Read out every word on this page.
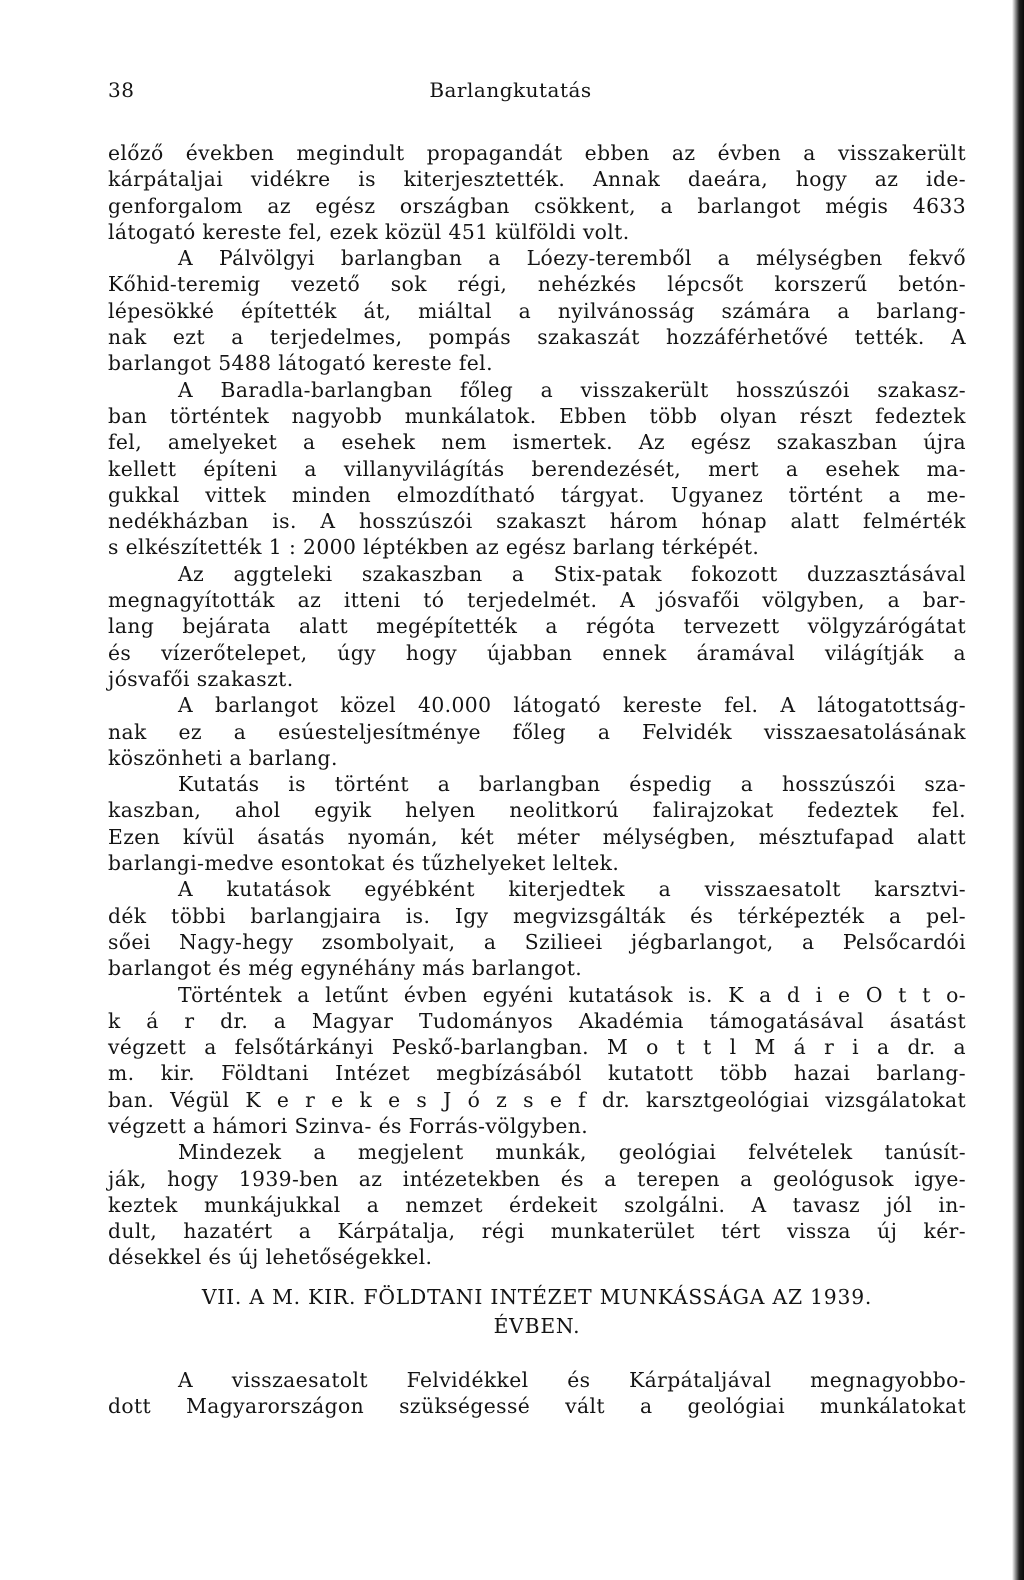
38	Barlangkutatás
előző években megindult propagandát ebben az évben a visszakerült
kárpátaljai vidékre is kiterjesztették. Annak daeára, hogy az ide-
genforgalom az egész országban csökkent, a barlangot mégis 4633
látogató kereste fel, ezek közül 451 külföldi volt.
A Pálvölgyi barlangban a Lóezy-teremből a mélységben fekvő
Kőhid-teremig vezető sok régi, nehézkés lépcsőt korszerű betón-
lépesökké építették át, miáltal a nyilvánosság számára a barlang-
nak ezt a terjedelmes, pompás szakaszát hozzáférhetővé tették. A
barlangot 5488 látogató kereste fel.
A Baradla-barlangban főleg a visszakerült hosszúszói szakasz-
ban történtek nagyobb munkálatok. Ebben több olyan részt fedeztek
fel, amelyeket a esehek nem ismertek. Az egész szakaszban újra
kellett építeni a villanyvilágítás berendezését, mert a esehek ma-
gukkal vittek minden elmozdítható tárgyat. Ugyanez történt a me-
nedékházban is. A hosszúszói szakaszt három hónap alatt felmérték
s elkészítették 1 : 2000 léptékben az egész barlang térképét.
Az aggteleki szakaszban a Stix-patak fokozott duzzasztásával
megnagyították az itteni tó terjedelmét. A jósvafői völgyben, a bar-
lang bejárata alatt megépítették a régóta tervezett völgyzárógátat
és vízerőtelepet, úgy hogy újabban ennek áramával világítják a
jósvafői szakaszt.
A barlangot közel 40.000 látogató kereste fel. A látogatottság-
nak ez a esúesteljesítménye főleg a Felvidék visszaesatolásának
köszönheti a barlang.
Kutatás is történt a barlangban éspedig a hosszúszói sza-
kaszban, ahol egyik helyen neolitkorú falirajzokat fedeztek fel.
Ezen kívül ásatás nyomán, két méter mélységben, mésztufapad alatt
barlangi-medve esontokat és tűzhelyeket leltek.
A kutatások egyébként kiterjedtek a visszaesatolt karsztvi-
dék többi barlangjaira is. Igy megvizsgálták és térképezték a pel-
sőei Nagy-hegy zsombolyait, a Szilieei jégbarlangot, a Pelsőcardói
barlangot és még egynéhány más barlangot.
Történtek a letűnt évben egyéni kutatások is. K a d i e O t t o-
k á r dr. a Magyar Tudományos Akadémia támogatásával ásatást
végzett a felsőtárkányi Peskő-barlangban. M o t t l M á r i a dr. a
m. kir. Földtani Intézet megbízásából kutatott több hazai barlang-
ban. Végül K e r e k e s J ó z s e f dr. karsztgeológiai vizsgálatokat
végzett a hámori Szinva- és Forrás-völgyben.
Mindezek a megjelent munkák, geológiai felvételek tanúsít-
ják, hogy 1939-ben az intézetekben és a terepen a geológusok igye-
keztek munkájukkal a nemzet érdekeit szolgálni. A tavasz jól in-
dult, hazatért a Kárpátalja, régi munkaterület tért vissza új kér-
désekkel és új lehetőségekkel.
VII. A M. KIR. FÖLDTANI INTÉZET MUNKÁSSÁGA AZ 1939.
ÉVBEN.
A visszaesatolt Felvidékkel és Kárpátaljával megnagyobbo-
dott Magyarországon szükségessé vált a geológiai munkálatokat
